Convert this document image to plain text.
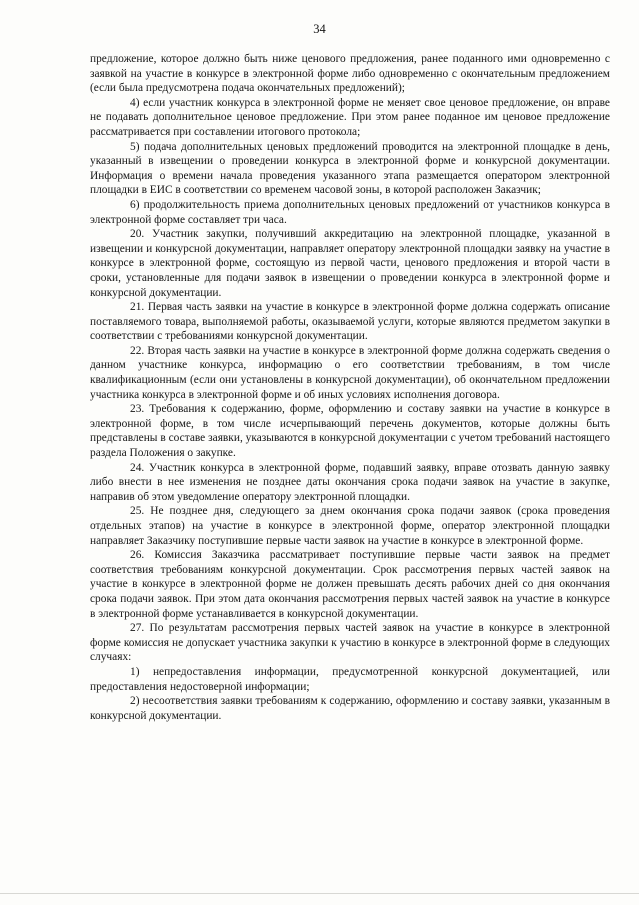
34

предложение, которое должно быть ниже ценового предложения, ранее поданного ими одновременно с заявкой на участие в конкурсе в электронной форме либо одновременно с окончательным предложением (если была предусмотрена подача окончательных предложений);

4) если участник конкурса в электронной форме не меняет свое ценовое предложение, он вправе не подавать дополнительное ценовое предложение. При этом ранее поданное им ценовое предложение рассматривается при составлении итогового протокола;

5) подача дополнительных ценовых предложений проводится на электронной площадке в день, указанный в извещении о проведении конкурса в электронной форме и конкурсной документации. Информация о времени начала проведения указанного этапа размещается оператором электронной площадки в ЕИС в соответствии со временем часовой зоны, в которой расположен Заказчик;

6) продолжительность приема дополнительных ценовых предложений от участников конкурса в электронной форме составляет три часа.

20. Участник закупки, получивший аккредитацию на электронной площадке, указанной в извещении и конкурсной документации, направляет оператору электронной площадки заявку на участие в конкурсе в электронной форме, состоящую из первой части, ценового предложения и второй части в сроки, установленные для подачи заявок в извещении о проведении конкурса в электронной форме и конкурсной документации.

21. Первая часть заявки на участие в конкурсе в электронной форме должна содержать описание поставляемого товара, выполняемой работы, оказываемой услуги, которые являются предметом закупки в соответствии с требованиями конкурсной документации.

22. Вторая часть заявки на участие в конкурсе в электронной форме должна содержать сведения о данном участнике конкурса, информацию о его соответствии требованиям, в том числе квалификационным (если они установлены в конкурсной документации), об окончательном предложении участника конкурса в электронной форме и об иных условиях исполнения договора.

23. Требования к содержанию, форме, оформлению и составу заявки на участие в конкурсе в электронной форме, в том числе исчерпывающий перечень документов, которые должны быть представлены в составе заявки, указываются в конкурсной документации с учетом требований настоящего раздела Положения о закупке.

24. Участник конкурса в электронной форме, подавший заявку, вправе отозвать данную заявку либо внести в нее изменения не позднее даты окончания срока подачи заявок на участие в закупке, направив об этом уведомление оператору электронной площадки.

25. Не позднее дня, следующего за днем окончания срока подачи заявок (срока проведения отдельных этапов) на участие в конкурсе в электронной форме, оператор электронной площадки направляет Заказчику поступившие первые части заявок на участие в конкурсе в электронной форме.

26. Комиссия Заказчика рассматривает поступившие первые части заявок на предмет соответствия требованиям конкурсной документации. Срок рассмотрения первых частей заявок на участие в конкурсе в электронной форме не должен превышать десять рабочих дней со дня окончания срока подачи заявок. При этом дата окончания рассмотрения первых частей заявок на участие в конкурсе в электронной форме устанавливается в конкурсной документации.

27. По результатам рассмотрения первых частей заявок на участие в конкурсе в электронной форме комиссия не допускает участника закупки к участию в конкурсе в электронной форме в следующих случаях:

1) непредоставления информации, предусмотренной конкурсной документацией, или предоставления недостоверной информации;

2) несоответствия заявки требованиям к содержанию, оформлению и составу заявки, указанным в конкурсной документации.
